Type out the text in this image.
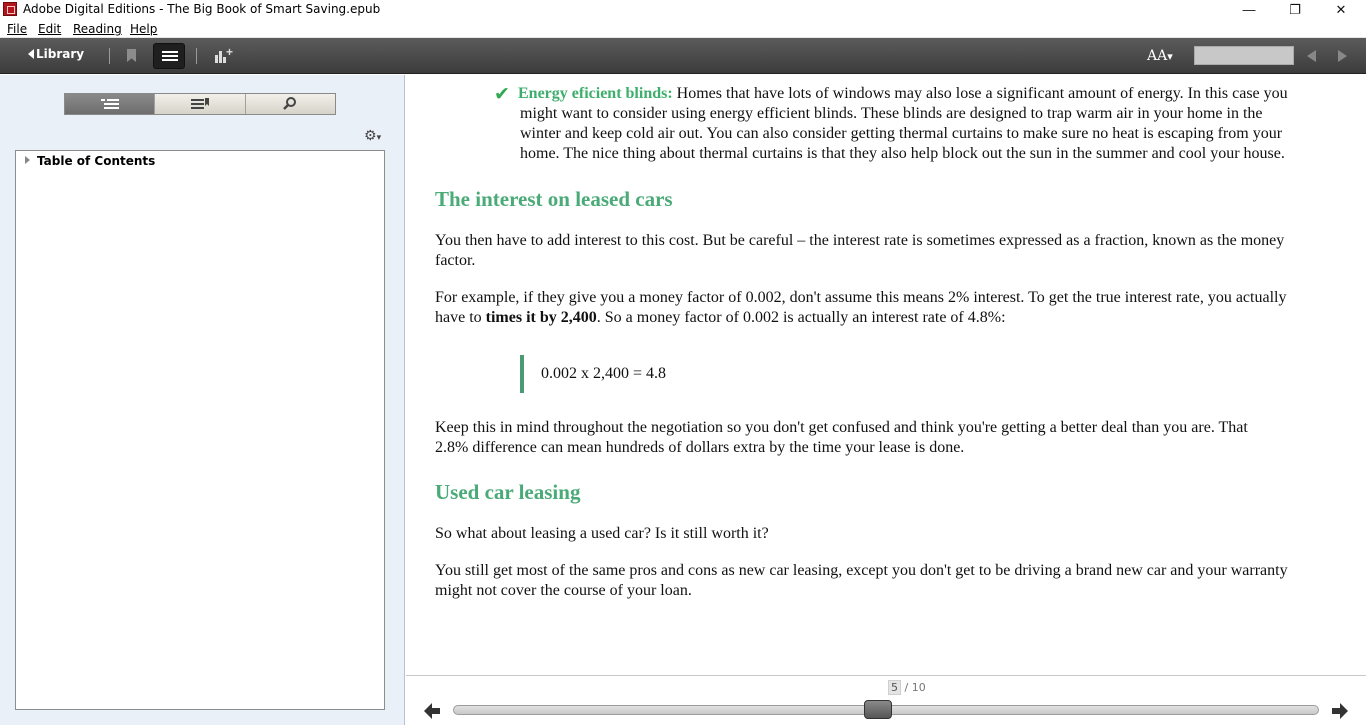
Adobe Digital Editions - The Big Book of Smart Saving.epub	—	❐	✕
File Edit Reading Help
Library	+	AA▾
⚙▾
Table of Contents
✔ Energy eficient blinds: Homes that have lots of windows may also lose a significant amount of energy. In this case you

might want to consider using energy efficient blinds. These blinds are designed to trap warm air in your home in the

winter and keep cold air out. You can also consider getting thermal curtains to make sure no heat is escaping from your

home. The nice thing about thermal curtains is that they also help block out the sun in the summer and cool your house.

The interest on leased cars

You then have to add interest to this cost. But be careful – the interest rate is sometimes expressed as a fraction, known as the money

factor.

For example, if they give you a money factor of 0.002, don't assume this means 2% interest. To get the true interest rate, you actually

have to times it by 2,400. So a money factor of 0.002 is actually an interest rate of 4.8%:

0.002 x 2,400 = 4.8

Keep this in mind throughout the negotiation so you don't get confused and think you're getting a better deal than you are. That

2.8% difference can mean hundreds of dollars extra by the time your lease is done.

Used car leasing

So what about leasing a used car? Is it still worth it?

You still get most of the same pros and cons as new car leasing, except you don't get to be driving a brand new car and your warranty

might not cover the course of your loan.

5 / 10
